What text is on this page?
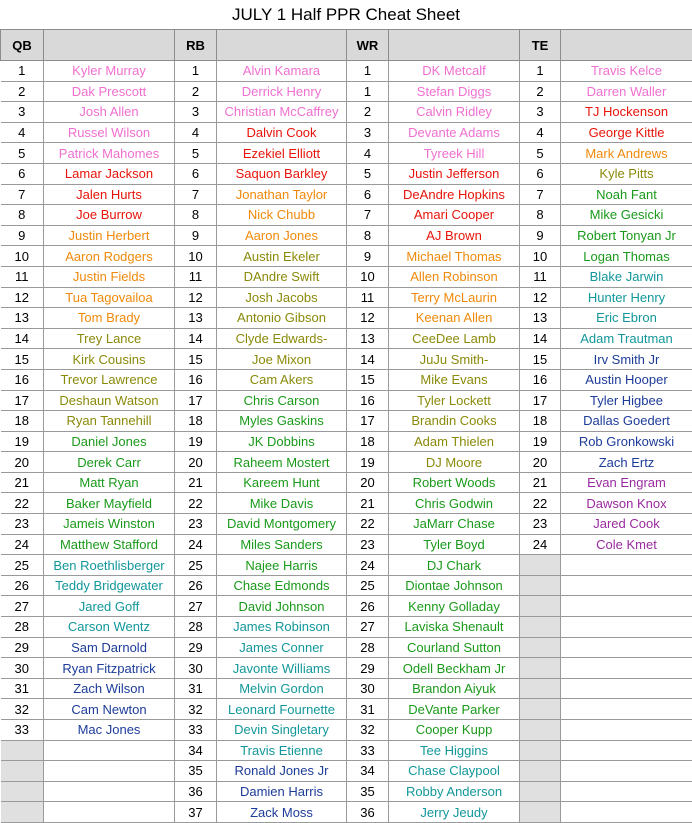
JULY 1 Half PPR Cheat Sheet
QB		RB		WR		TE	
1	Kyler Murray	1	Alvin Kamara	1	DK Metcalf	1	Travis Kelce
2	Dak Prescott	2	Derrick Henry	1	Stefan Diggs	2	Darren Waller
3	Josh Allen	3	Christian McCaffrey	2	Calvin Ridley	3	TJ Hockenson
4	Russel Wilson	4	Dalvin Cook	3	Devante Adams	4	George Kittle
5	Patrick Mahomes	5	Ezekiel Elliott	4	Tyreek Hill	5	Mark Andrews
6	Lamar Jackson	6	Saquon Barkley	5	Justin Jefferson	6	Kyle Pitts
7	Jalen Hurts	7	Jonathan Taylor	6	DeAndre Hopkins	7	Noah Fant
8	Joe Burrow	8	Nick Chubb	7	Amari Cooper	8	Mike Gesicki
9	Justin Herbert	9	Aaron Jones	8	AJ Brown	9	Robert Tonyan Jr
10	Aaron Rodgers	10	Austin Ekeler	9	Michael Thomas	10	Logan Thomas
11	Justin Fields	11	DAndre Swift	10	Allen Robinson	11	Blake Jarwin
12	Tua Tagovailoa	12	Josh Jacobs	11	Terry McLaurin	12	Hunter Henry
13	Tom Brady	13	Antonio Gibson	12	Keenan Allen	13	Eric Ebron
14	Trey Lance	14	Clyde Edwards-	13	CeeDee Lamb	14	Adam Trautman
15	Kirk Cousins	15	Joe Mixon	14	JuJu Smith-	15	Irv Smith Jr
16	Trevor Lawrence	16	Cam Akers	15	Mike Evans	16	Austin Hooper
17	Deshaun Watson	17	Chris Carson	16	Tyler Lockett	17	Tyler Higbee
18	Ryan Tannehill	18	Myles Gaskins	17	Brandin Cooks	18	Dallas Goedert
19	Daniel Jones	19	JK Dobbins	18	Adam Thielen	19	Rob Gronkowski
20	Derek Carr	20	Raheem Mostert	19	DJ Moore	20	Zach Ertz
21	Matt Ryan	21	Kareem Hunt	20	Robert Woods	21	Evan Engram
22	Baker Mayfield	22	Mike Davis	21	Chris Godwin	22	Dawson Knox
23	Jameis Winston	23	David Montgomery	22	JaMarr Chase	23	Jared Cook
24	Matthew Stafford	24	Miles Sanders	23	Tyler Boyd	24	Cole Kmet
25	Ben Roethlisberger	25	Najee Harris	24	DJ Chark		
26	Teddy Bridgewater	26	Chase Edmonds	25	Diontae Johnson		
27	Jared Goff	27	David Johnson	26	Kenny Golladay		
28	Carson Wentz	28	James Robinson	27	Laviska Shenault		
29	Sam Darnold	29	James Conner	28	Courland Sutton		
30	Ryan Fitzpatrick	30	Javonte Williams	29	Odell Beckham Jr		
31	Zach Wilson	31	Melvin Gordon	30	Brandon Aiyuk		
32	Cam Newton	32	Leonard Fournette	31	DeVante Parker		
33	Mac Jones	33	Devin Singletary	32	Cooper Kupp		
		34	Travis Etienne	33	Tee Higgins		
		35	Ronald Jones Jr	34	Chase Claypool		
		36	Damien Harris	35	Robby Anderson		
		37	Zack Moss	36	Jerry Jeudy		
